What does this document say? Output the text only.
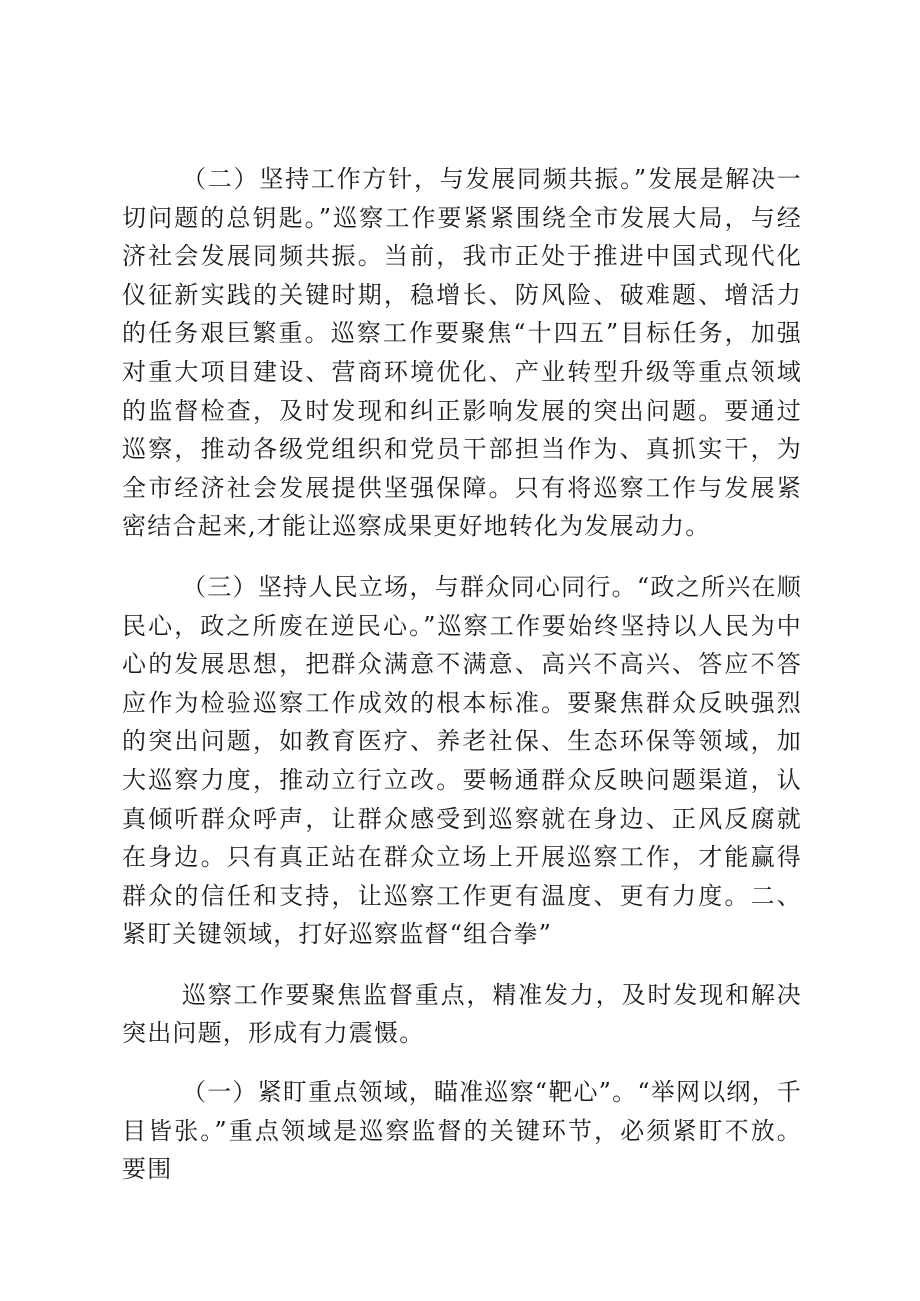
（二）坚持工作方针，与发展同频共振。”发展是解决一切问题的总钥匙。”巡察工作要紧紧围绕全市发展大局，与经济社会发展同频共振。当前，我市正处于推进中国式现代化仪征新实践的关键时期，稳增长、防风险、破难题、增活力的任务艰巨繁重。巡察工作要聚焦“十四五”目标任务，加强对重大项目建设、营商环境优化、产业转型升级等重点领域的监督检查，及时发现和纠正影响发展的突出问题。要通过巡察，推动各级党组织和党员干部担当作为、真抓实干，为全市经济社会发展提供坚强保障。只有将巡察工作与发展紧密结合起来,才能让巡察成果更好地转化为发展动力。

（三）坚持人民立场，与群众同心同行。“政之所兴在顺民心，政之所废在逆民心。”巡察工作要始终坚持以人民为中心的发展思想，把群众满意不满意、高兴不高兴、答应不答应作为检验巡察工作成效的根本标准。要聚焦群众反映强烈的突出问题，如教育医疗、养老社保、生态环保等领域，加大巡察力度，推动立行立改。要畅通群众反映问题渠道，认真倾听群众呼声，让群众感受到巡察就在身边、正风反腐就在身边。只有真正站在群众立场上开展巡察工作，才能赢得群众的信任和支持，让巡察工作更有温度、更有力度。二、紧盯关键领域，打好巡察监督“组合拳”

巡察工作要聚焦监督重点，精准发力，及时发现和解决突出问题，形成有力震慑。

（一）紧盯重点领域，瞄准巡察“靶心”。“举网以纲，千目皆张。”重点领域是巡察监督的关键环节，必须紧盯不放。要围
